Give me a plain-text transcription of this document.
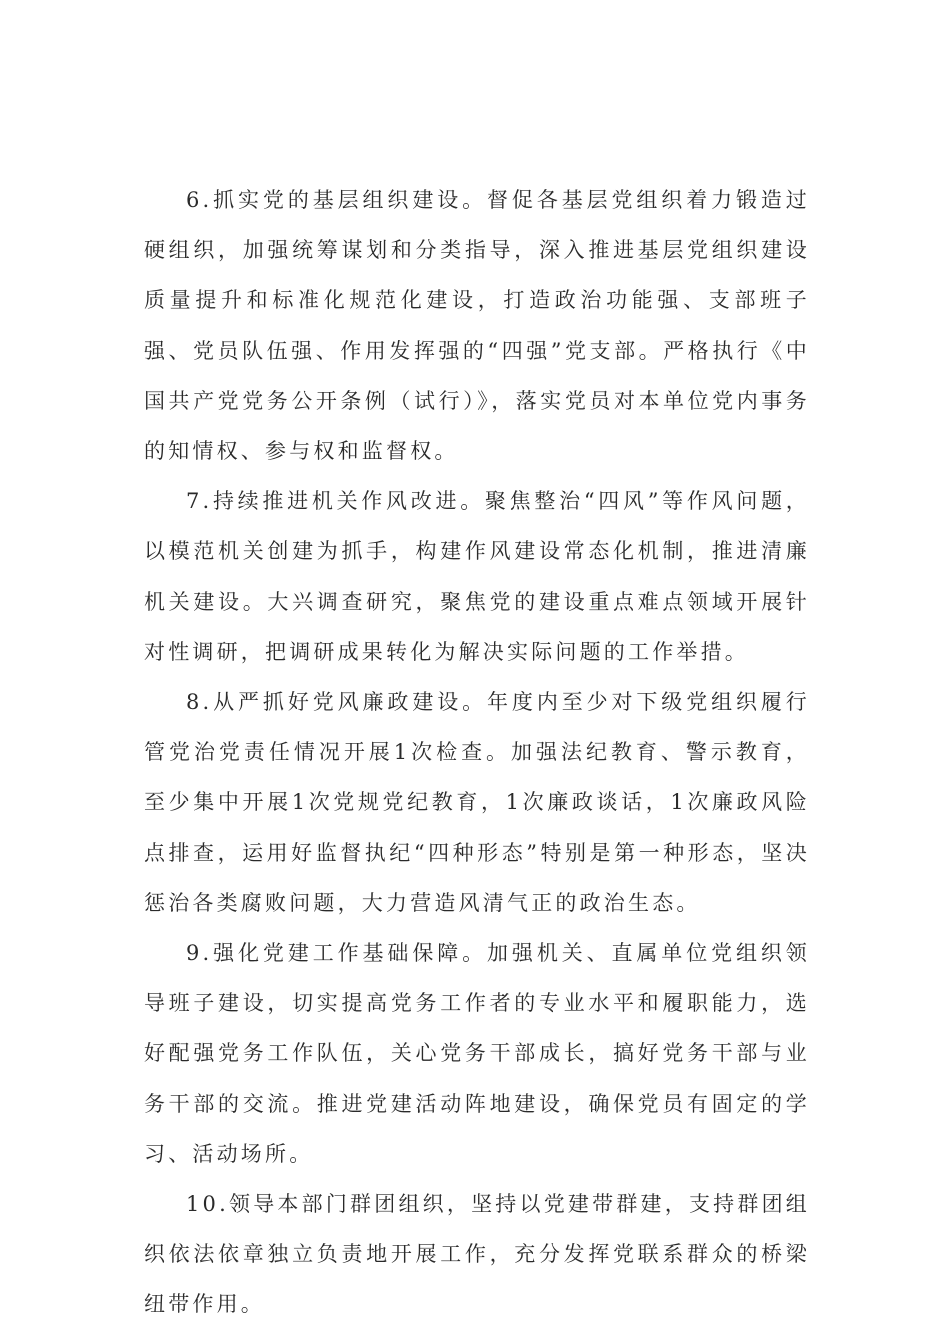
6.抓实党的基层组织建设。督促各基层党组织着力锻造过硬组织，加强统筹谋划和分类指导，深入推进基层党组织建设质量提升和标准化规范化建设，打造政治功能强、支部班子强、党员队伍强、作用发挥强的“四强”党支部。严格执行《中国共产党党务公开条例（试行）》，落实党员对本单位党内事务的知情权、参与权和监督权。

7.持续推进机关作风改进。聚焦整治“四风”等作风问题，以模范机关创建为抓手，构建作风建设常态化机制，推进清廉机关建设。大兴调查研究，聚焦党的建设重点难点领域开展针对性调研，把调研成果转化为解决实际问题的工作举措。

8.从严抓好党风廉政建设。年度内至少对下级党组织履行管党治党责任情况开展1次检查。加强法纪教育、警示教育，至少集中开展1次党规党纪教育，1次廉政谈话，1次廉政风险点排查，运用好监督执纪“四种形态”特别是第一种形态，坚决惩治各类腐败问题，大力营造风清气正的政治生态。

9.强化党建工作基础保障。加强机关、直属单位党组织领导班子建设，切实提高党务工作者的专业水平和履职能力，选好配强党务工作队伍，关心党务干部成长，搞好党务干部与业务干部的交流。推进党建活动阵地建设，确保党员有固定的学习、活动场所。

10.领导本部门群团组织，坚持以党建带群建，支持群团组织依法依章独立负责地开展工作，充分发挥党联系群众的桥梁纽带作用。
